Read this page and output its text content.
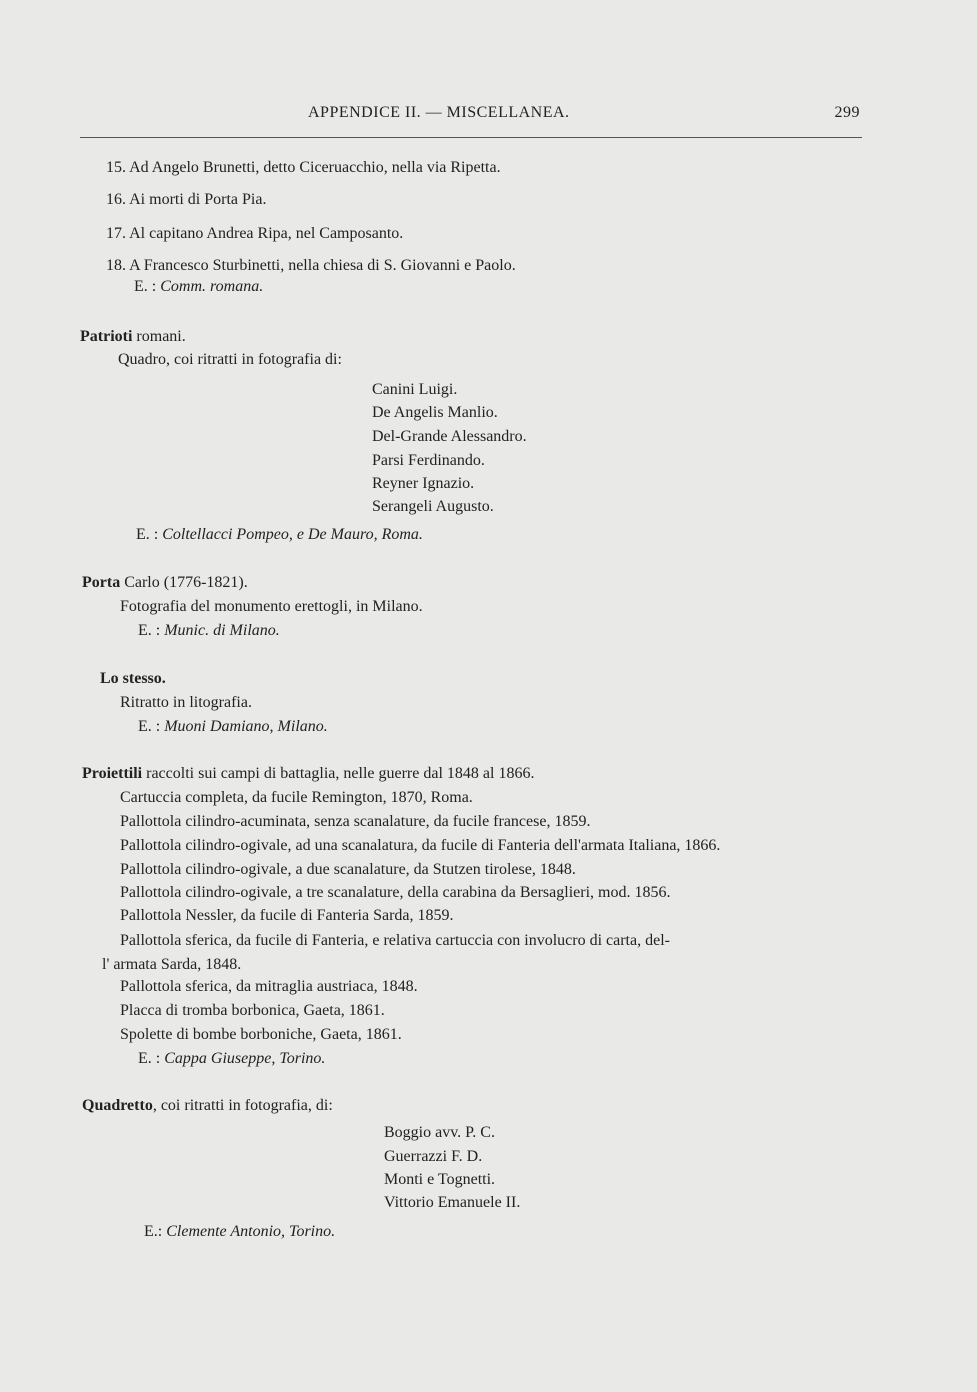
APPENDICE II. — MISCELLANEA.	299
15. Ad Angelo Brunetti, detto Ciceruacchio, nella via Ripetta.
16. Ai morti di Porta Pia.
17. Al capitano Andrea Ripa, nel Camposanto.
18. A Francesco Sturbinetti, nella chiesa di S. Giovanni e Paolo.
E. : Comm. romana.
Patrioti romani.
Quadro, coi ritratti in fotografia di:
Canini Luigi.
De Angelis Manlio.
Del-Grande Alessandro.
Parsi Ferdinando.
Reyner Ignazio.
Serangeli Augusto.
E. : Coltellacci Pompeo, e De Mauro, Roma.
Porta Carlo (1776-1821).
Fotografia del monumento erettogli, in Milano.
E. : Munic. di Milano.
Lo stesso.
Ritratto in litografia.
E. : Muoni Damiano, Milano.
Proiettili raccolti sui campi di battaglia, nelle guerre dal 1848 al 1866.
Cartuccia completa, da fucile Remington, 1870, Roma.
Pallottola cilindro-acuminata, senza scanalature, da fucile francese, 1859.
Pallottola cilindro-ogivale, ad una scanalatura, da fucile di Fanteria dell'armata Italiana, 1866.
Pallottola cilindro-ogivale, a due scanalature, da Stutzen tirolese, 1848.
Pallottola cilindro-ogivale, a tre scanalature, della carabina da Bersaglieri, mod. 1856.
Pallottola Nessler, da fucile di Fanteria Sarda, 1859.
Pallottola sferica, da fucile di Fanteria, e relativa cartuccia con involucro di carta, del-
l' armata Sarda, 1848.
Pallottola sferica, da mitraglia austriaca, 1848.
Placca di tromba borbonica, Gaeta, 1861.
Spolette di bombe borboniche, Gaeta, 1861.
E. : Cappa Giuseppe, Torino.
Quadretto, coi ritratti in fotografia, di:
Boggio avv. P. C.
Guerrazzi F. D.
Monti e Tognetti.
Vittorio Emanuele II.
E.: Clemente Antonio, Torino.
